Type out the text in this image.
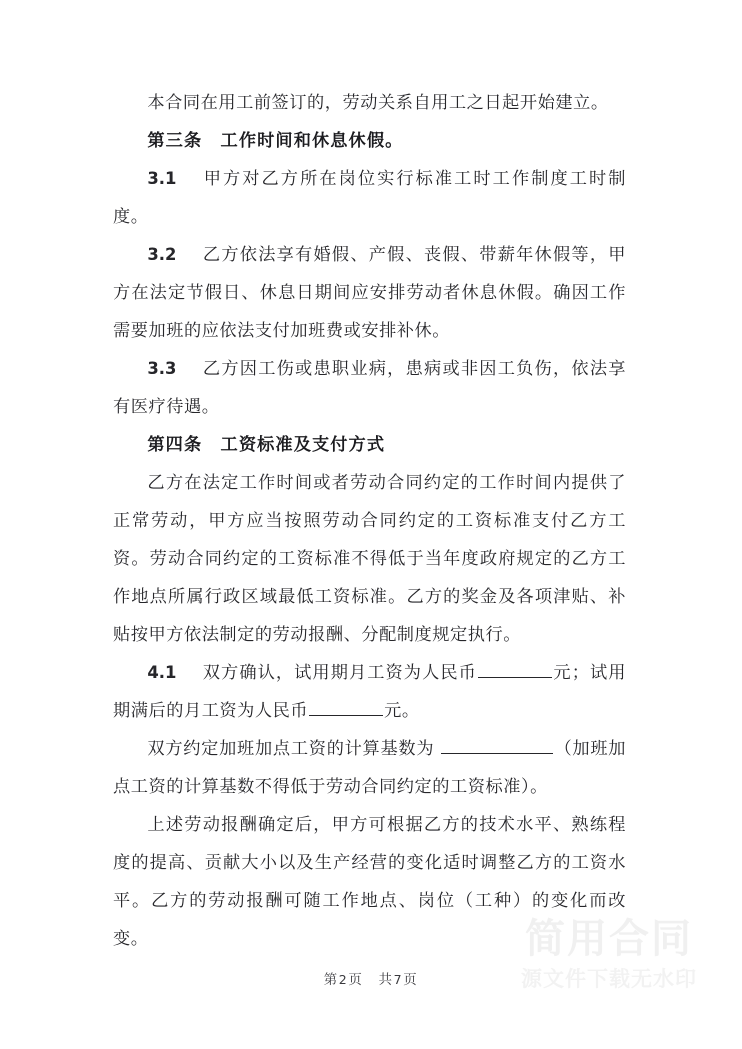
本合同在用工前签订的，劳动关系自用工之日起开始建立。

第三条　工作时间和休息休假。

3.1 甲方对乙方所在岗位实行标准工时工作制度工时制度。

3.2 乙方依法享有婚假、产假、丧假、带薪年休假等，甲方在法定节假日、休息日期间应安排劳动者休息休假。确因工作需要加班的应依法支付加班费或安排补休。

3.3 乙方因工伤或患职业病，患病或非因工负伤，依法享有医疗待遇。

第四条　工资标准及支付方式

乙方在法定工作时间或者劳动合同约定的工作时间内提供了正常劳动，甲方应当按照劳动合同约定的工资标准支付乙方工资。劳动合同约定的工资标准不得低于当年度政府规定的乙方工作地点所属行政区域最低工资标准。乙方的奖金及各项津贴、补贴按甲方依法制定的劳动报酬、分配制度规定执行。

4.1 双方确认，试用期月工资为人民币	元；试用期满后的月工资为人民币	元。

双方约定加班加点工资的计算基数为	（加班加点工资的计算基数不得低于劳动合同约定的工资标准）。

上述劳动报酬确定后，甲方可根据乙方的技术水平、熟练程度的提高、贡献大小以及生产经营的变化适时调整乙方的工资水平。乙方的劳动报酬可随工作地点、岗位（工种）的变化而改变。	简用合同
源文件下载无水印
第2页　共7页
